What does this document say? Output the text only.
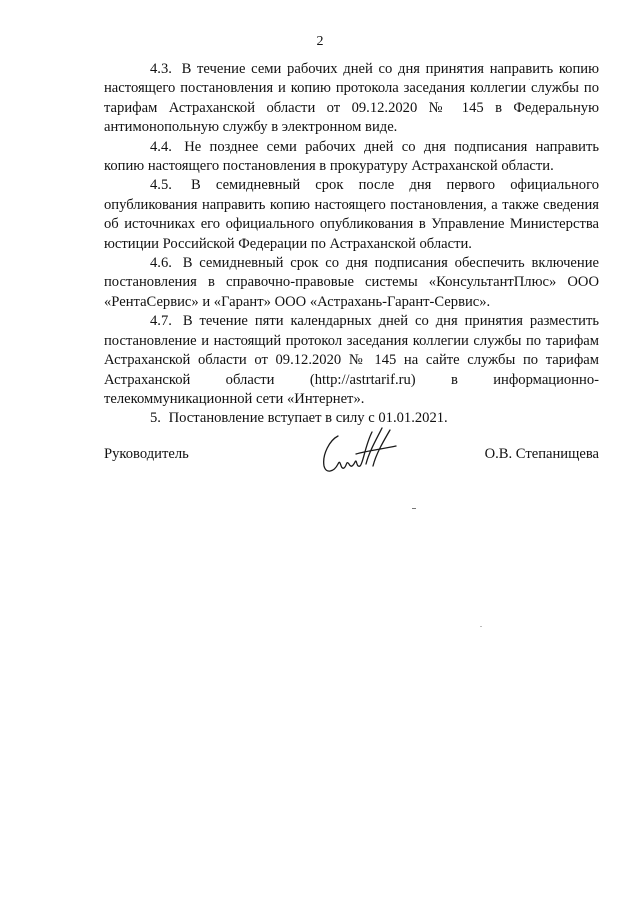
2

4.3. В течение семи рабочих дней со дня принятия направить копию настоящего постановления и копию протокола заседания коллегии службы по тарифам Астраханской области от 09.12.2020 № 145 в Федеральную антимонопольную службу в электронном виде.

4.4. Не позднее семи рабочих дней со дня подписания направить копию настоящего постановления в прокуратуру Астраханской области.

4.5. В семидневный срок после дня первого официального опубликования направить копию настоящего постановления, а также сведения об источниках его официального опубликования в Управление Министерства юстиции Российской Федерации по Астраханской области.

4.6. В семидневный срок со дня подписания обеспечить включение постановления в справочно-правовые системы «КонсультантПлюс» ООО «РентаСервис» и «Гарант» ООО «Астрахань-Гарант-Сервис».

4.7. В течение пяти календарных дней со дня принятия разместить постановление и настоящий протокол заседания коллегии службы по тарифам Астраханской области от 09.12.2020 № 145 на сайте службы по тарифам Астраханской области (http://astrtarif.ru) в информационно-телекоммуникационной сети «Интернет».

5. Постановление вступает в силу с 01.01.2021.

Руководитель	О.В. Степанищева
